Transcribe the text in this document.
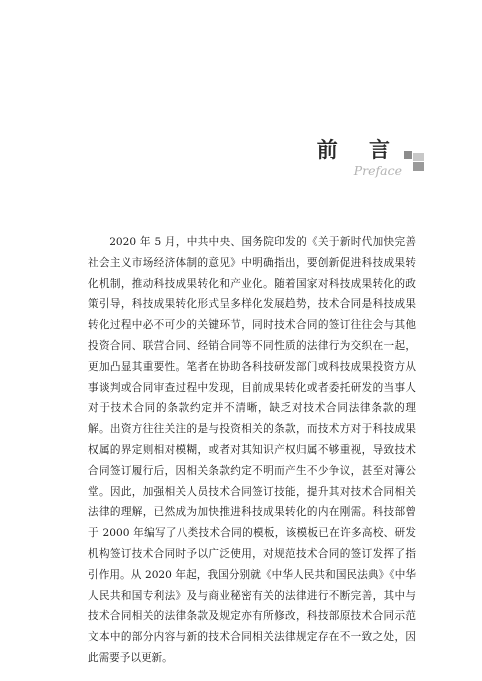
前 言
Preface

2020 年 5 月，中共中央、国务院印发的《关于新时代加快完善社会主义市场经济体制的意见》中明确指出，要创新促进科技成果转化机制，推动科技成果转化和产业化。随着国家对科技成果转化的政策引导，科技成果转化形式呈多样化发展趋势，技术合同是科技成果转化过程中必不可少的关键环节，同时技术合同的签订往往会与其他投资合同、联营合同、经销合同等不同性质的法律行为交织在一起，更加凸显其重要性。笔者在协助各科技研发部门或科技成果投资方从事谈判或合同审查过程中发现，目前成果转化或者委托研发的当事人对于技术合同的条款约定并不清晰，缺乏对技术合同法律条款的理解。出资方往往关注的是与投资相关的条款，而技术方对于科技成果权属的界定则相对模糊，或者对其知识产权归属不够重视，导致技术合同签订履行后，因相关条款约定不明而产生不少争议，甚至对簿公堂。因此，加强相关人员技术合同签订技能，提升其对技术合同相关法律的理解，已然成为加快推进科技成果转化的内在刚需。科技部曾于 2000 年编写了八类技术合同的模板，该模板已在许多高校、研发机构签订技术合同时予以广泛使用，对规范技术合同的签订发挥了指引作用。从 2020 年起，我国分别就《中华人民共和国民法典》《中华人民共和国专利法》及与商业秘密有关的法律进行不断完善，其中与技术合同相关的法律条款及规定亦有所修改，科技部原技术合同示范文本中的部分内容与新的技术合同相关法律规定存在不一致之处，因此需要予以更新。
